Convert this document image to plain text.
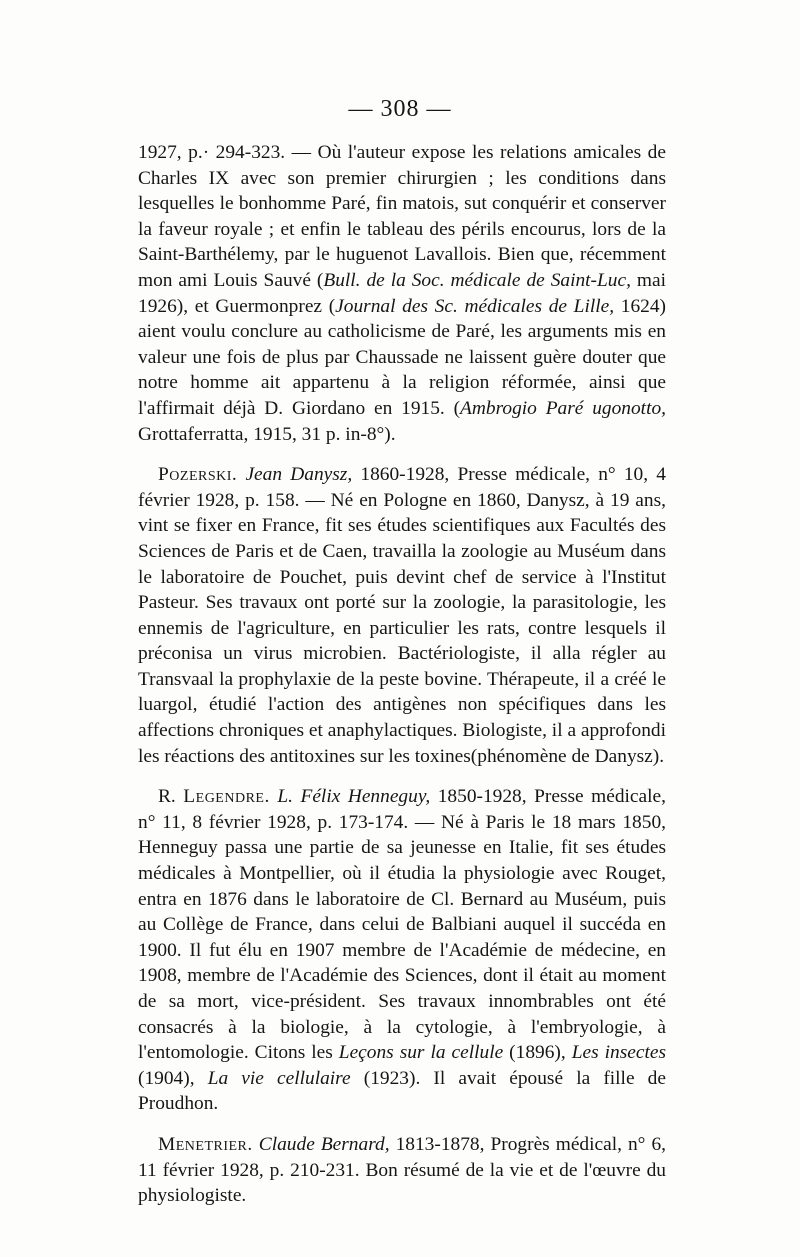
— 308 —

1927, p.· 294-323. — Où l'auteur expose les relations amicales de Charles IX avec son premier chirurgien ; les conditions dans lesquelles le bonhomme Paré, fin matois, sut conquérir et conserver la faveur royale ; et enfin le tableau des périls encourus, lors de la Saint-Barthélemy, par le huguenot Lavallois. Bien que, récemment mon ami Louis Sauvé (Bull. de la Soc. médicale de Saint-Luc, mai 1926), et Guermonprez (Journal des Sc. médicales de Lille, 1624) aient voulu conclure au catholicisme de Paré, les arguments mis en valeur une fois de plus par Chaussade ne laissent guère douter que notre homme ait appartenu à la religion réformée, ainsi que l'affirmait déjà D. Giordano en 1915. (Ambrogio Paré ugonotto, Grottaferratta, 1915, 31 p. in-8°).

Pozerski. Jean Danysz, 1860-1928, Presse médicale, n° 10, 4 février 1928, p. 158. — Né en Pologne en 1860, Danysz, à 19 ans, vint se fixer en France, fit ses études scientifiques aux Facultés des Sciences de Paris et de Caen, travailla la zoologie au Muséum dans le laboratoire de Pouchet, puis devint chef de service à l'Institut Pasteur. Ses travaux ont porté sur la zoologie, la parasitologie, les ennemis de l'agriculture, en particulier les rats, contre lesquels il préconisa un virus microbien. Bactériologiste, il alla régler au Transvaal la prophylaxie de la peste bovine. Thérapeute, il a créé le luargol, étudié l'action des antigènes non spécifiques dans les affections chroniques et anaphylactiques. Biologiste, il a approfondi les réactions des antitoxines sur les toxines(phénomène de Danysz).

R. Legendre. L. Félix Henneguy, 1850-1928, Presse médicale, n° 11, 8 février 1928, p. 173-174. — Né à Paris le 18 mars 1850, Henneguy passa une partie de sa jeunesse en Italie, fit ses études médicales à Montpellier, où il étudia la physiologie avec Rouget, entra en 1876 dans le laboratoire de Cl. Bernard au Muséum, puis au Collège de France, dans celui de Balbiani auquel il succéda en 1900. Il fut élu en 1907 membre de l'Académie de médecine, en 1908, membre de l'Académie des Sciences, dont il était au moment de sa mort, vice-président. Ses travaux innombrables ont été consacrés à la biologie, à la cytologie, à l'embryologie, à l'entomologie. Citons les Leçons sur la cellule (1896), Les insectes (1904), La vie cellulaire (1923). Il avait épousé la fille de Proudhon.

Menetrier. Claude Bernard, 1813-1878, Progrès médical, n° 6, 11 février 1928, p. 210-231. Bon résumé de la vie et de l'œuvre du physiologiste.
